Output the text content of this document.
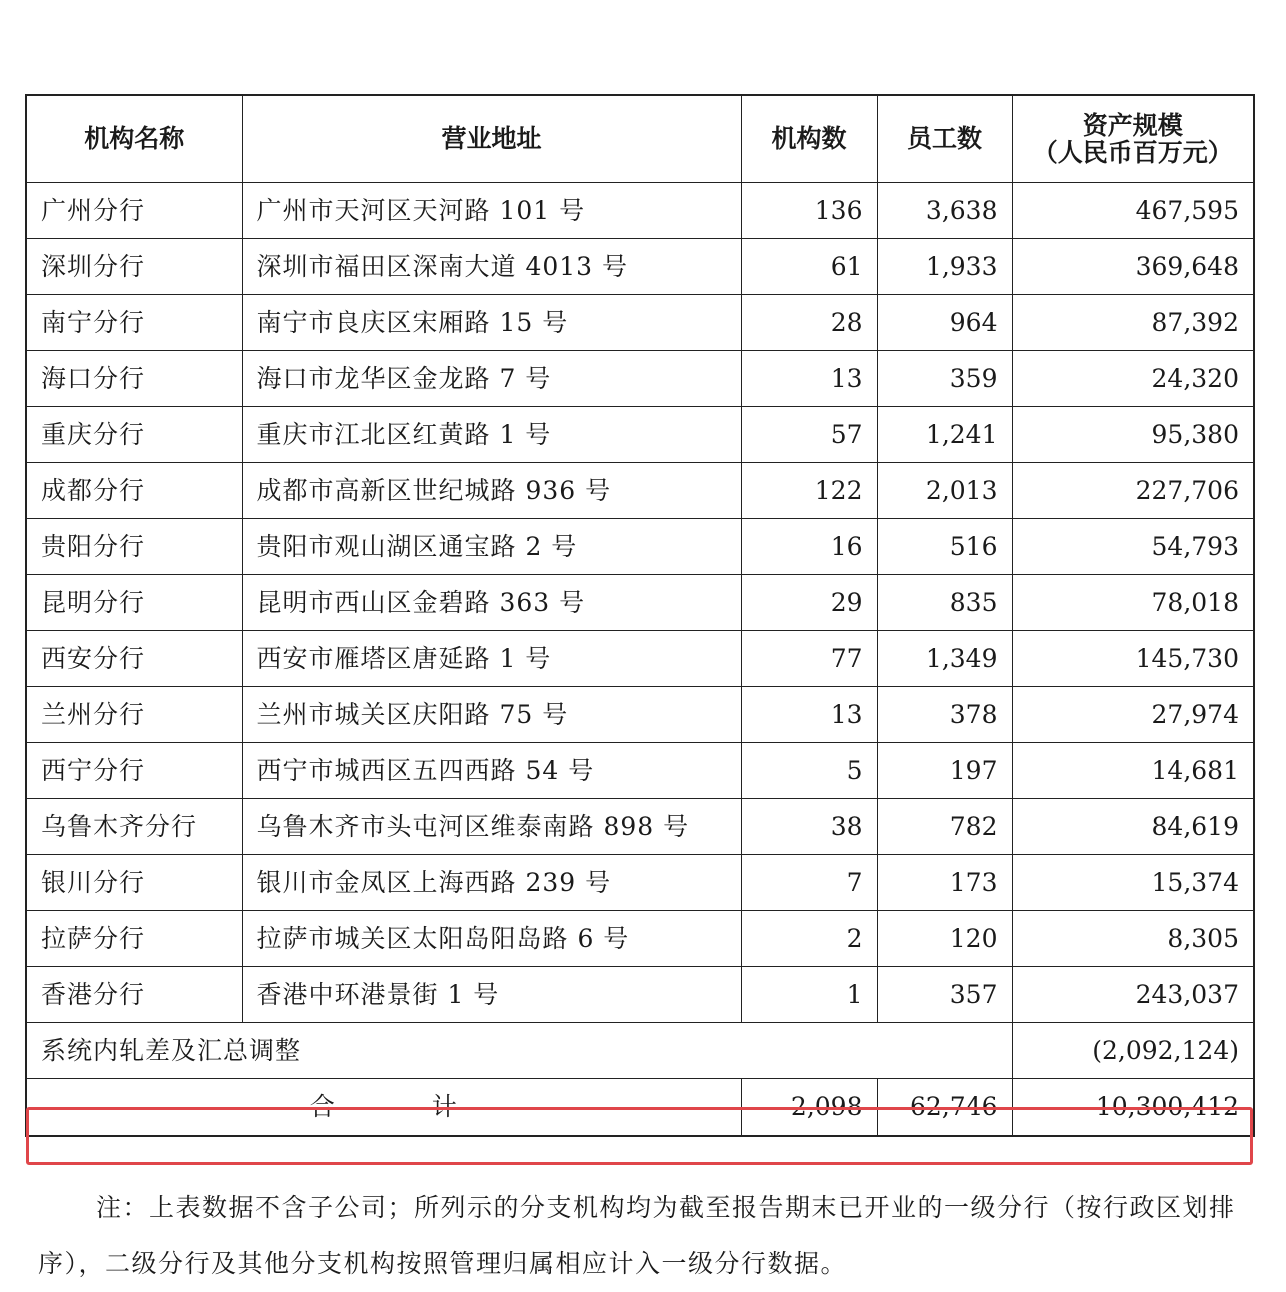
机构名称	营业地址	机构数	员工数	资产规模
（人民币百万元）

广州分行	广州市天河区天河路 101 号	136	3,638	467,595
深圳分行	深圳市福田区深南大道 4013 号	61	1,933	369,648
南宁分行	南宁市良庆区宋厢路 15 号	28	964	87,392
海口分行	海口市龙华区金龙路 7 号	13	359	24,320
重庆分行	重庆市江北区红黄路 1 号	57	1,241	95,380
成都分行	成都市高新区世纪城路 936 号	122	2,013	227,706
贵阳分行	贵阳市观山湖区通宝路 2 号	16	516	54,793
昆明分行	昆明市西山区金碧路 363 号	29	835	78,018
西安分行	西安市雁塔区唐延路 1 号	77	1,349	145,730
兰州分行	兰州市城关区庆阳路 75 号	13	378	27,974
西宁分行	西宁市城西区五四西路 54 号	5	197	14,681
乌鲁木齐分行	乌鲁木齐市头屯河区维泰南路 898 号	38	782	84,619
银川分行	银川市金凤区上海西路 239 号	7	173	15,374
拉萨分行	拉萨市城关区太阳岛阳岛路 6 号	2	120	8,305
香港分行	香港中环港景街 1 号	1	357	243,037
系统内轧差及汇总调整				(2,092,124)
合 计		2,098	62,746	10,300,412

注：上表数据不含子公司；所列示的分支机构均为截至报告期末已开业的一级分行（按行政区划排序），二级分行及其他分支机构按照管理归属相应计入一级分行数据。
